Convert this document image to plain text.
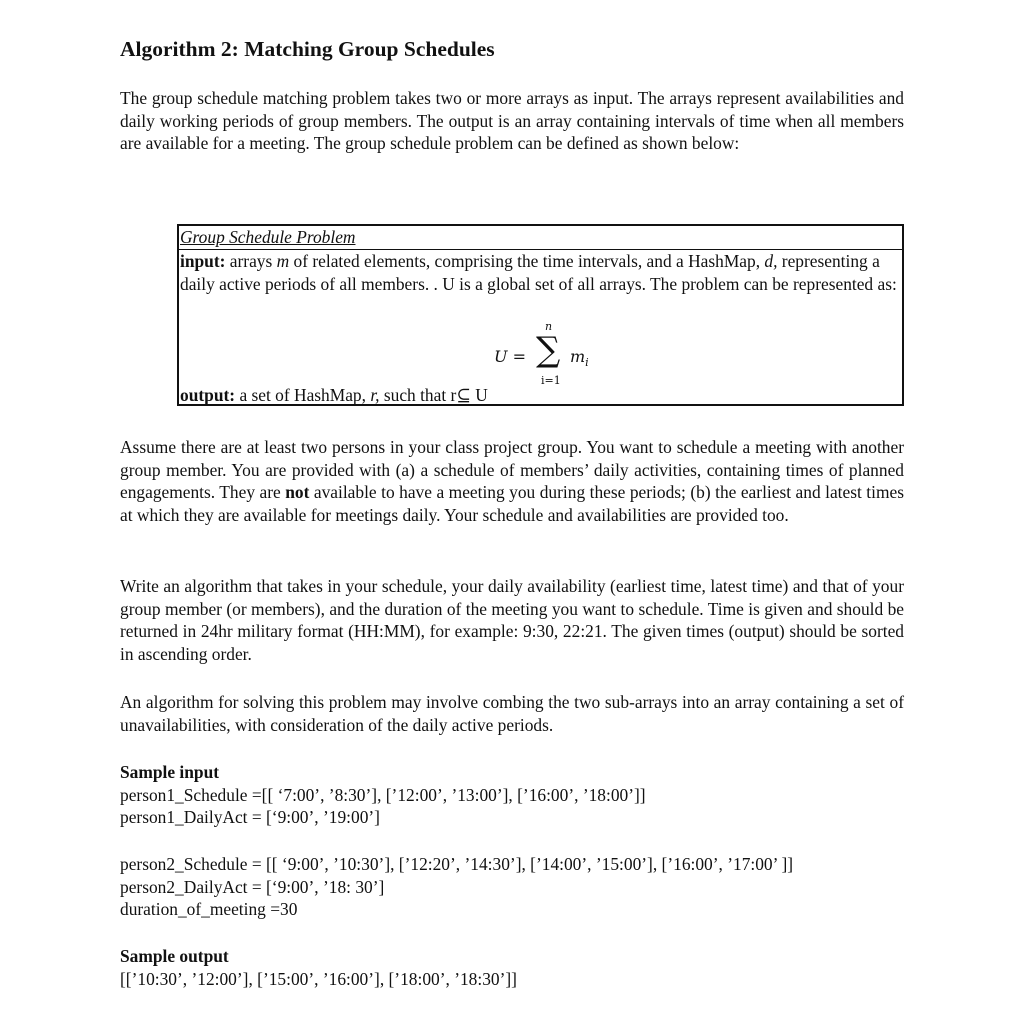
Algorithm 2: Matching Group Schedules

The group schedule matching problem takes two or more arrays as input. The arrays represent availabilities and daily working periods of group members. The output is an array containing intervals of time when all members are available for a meeting. The group schedule problem can be defined as shown below:

Group Schedule Problem
input: arrays m of related elements, comprising the time intervals, and a HashMap, d, representing a daily active periods of all members. . U is a global set of all arrays. The problem can be represented as:
U =
n
∑
i=1
$m_i$
output: a set of HashMap, r, such that r⊆ U

Assume there are at least two persons in your class project group. You want to schedule a meeting with another group member. You are provided with (a) a schedule of members’ daily activities, containing times of planned engagements. They are not available to have a meeting you during these periods; (b) the earliest and latest times at which they are available for meetings daily. Your schedule and availabilities are provided too.

Write an algorithm that takes in your schedule, your daily availability (earliest time, latest time) and that of your group member (or members), and the duration of the meeting you want to schedule. Time is given and should be returned in 24hr military format (HH:MM), for example: 9:30, 22:21. The given times (output) should be sorted in ascending order.

An algorithm for solving this problem may involve combing the two sub-arrays into an array containing a set of unavailabilities, with consideration of the daily active periods.

Sample input
person1_Schedule =[[ ‘7:00’, ’8:30’], [’12:00’, ’13:00’], [’16:00’, ’18:00’]]
person1_DailyAct = [‘9:00’, ’19:00’]
person2_Schedule = [[ ‘9:00’, ’10:30’], [’12:20’, ’14:30’], [’14:00’, ’15:00’], [’16:00’, ’17:00’ ]]
person2_DailyAct = [‘9:00’, ’18: 30’]
duration_of_meeting =30
Sample output
[[’10:30’, ’12:00’], [’15:00’, ’16:00’], [’18:00’, ’18:30’]]
